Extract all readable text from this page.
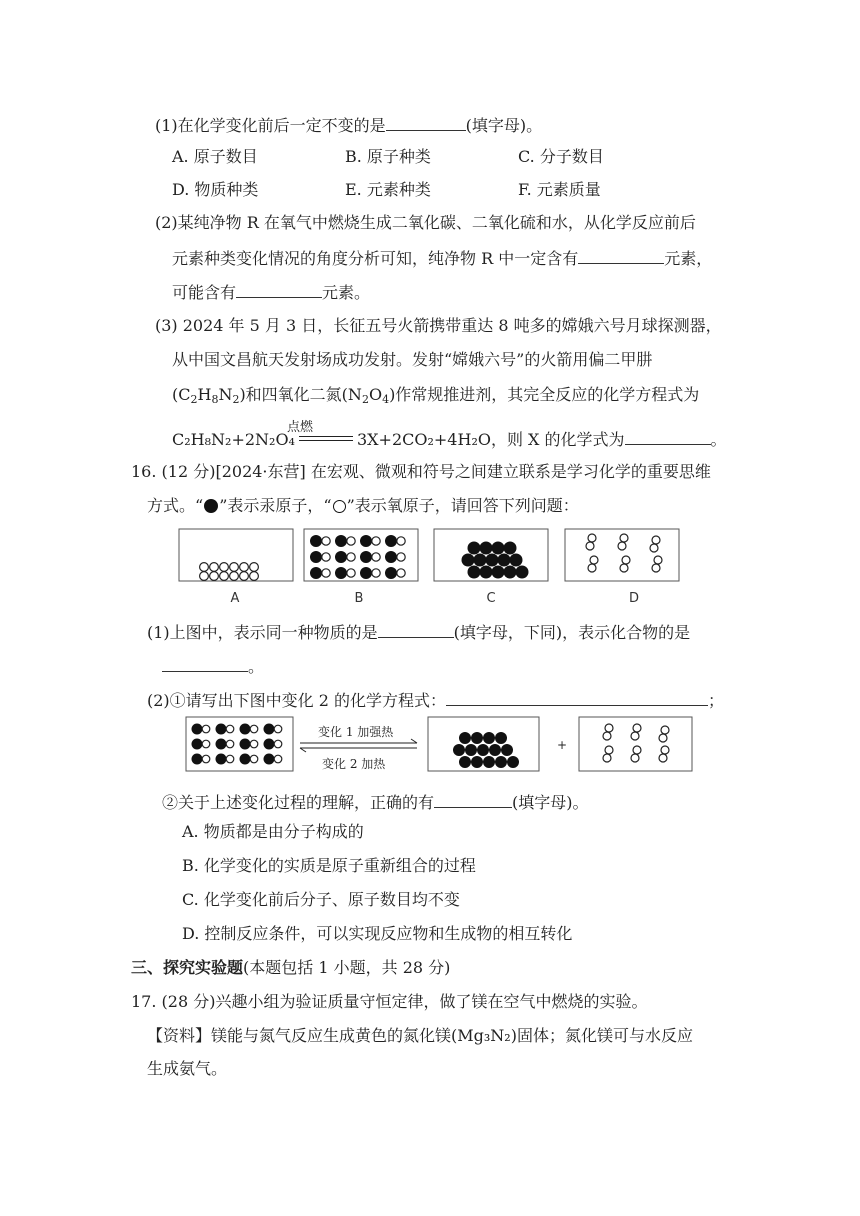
(1)在化学变化前后一定不变的是	(填字母)。
A. 原子数目	B. 原子种类	C. 分子数目
D. 物质种类	E. 元素种类	F. 元素质量
(2)某纯净物 R 在氧气中燃烧生成二氧化碳、二氧化硫和水，从化学反应前后
元素种类变化情况的角度分析可知，纯净物 R 中一定含有	元素，
可能含有	元素。
(3) 2024 年 5 月 3 日，长征五号火箭携带重达 8 吨多的嫦娥六号月球探测器，
从中国文昌航天发射场成功发射。发射“嫦娥六号”的火箭用偏二甲肼
$(C_2H_8N_2)$和四氧化二氮$(N_2O_4)$作常规推进剂，其完全反应的化学方程式为
点燃
C₂H₈N₂+2N₂O₄	3X+2CO₂+4H₂O，则 X 的化学式为	。
16. (12 分)[2024·东营] 在宏观、微观和符号之间建立联系是学习化学的重要思维
方式。“ ”表示汞原子，“ ”表示氧原子，请回答下列问题：
A	B	C	D
(1)上图中，表示同一种物质的是	(填字母，下同)，表示化合物的是
。
(2)①请写出下图中变化 2 的化学方程式：	；
变化 1 加强热
变化 2 加热
+
②关于上述变化过程的理解，正确的有	(填字母)。
A. 物质都是由分子构成的
B. 化学变化的实质是原子重新组合的过程
C. 化学变化前后分子、原子数目均不变
D. 控制反应条件，可以实现反应物和生成物的相互转化
三、探究实验题(本题包括 1 小题，共 28 分)
17. (28 分)兴趣小组为验证质量守恒定律，做了镁在空气中燃烧的实验。
【资料】镁能与氮气反应生成黄色的氮化镁(Mg₃N₂)固体；氮化镁可与水反应
生成氨气。
